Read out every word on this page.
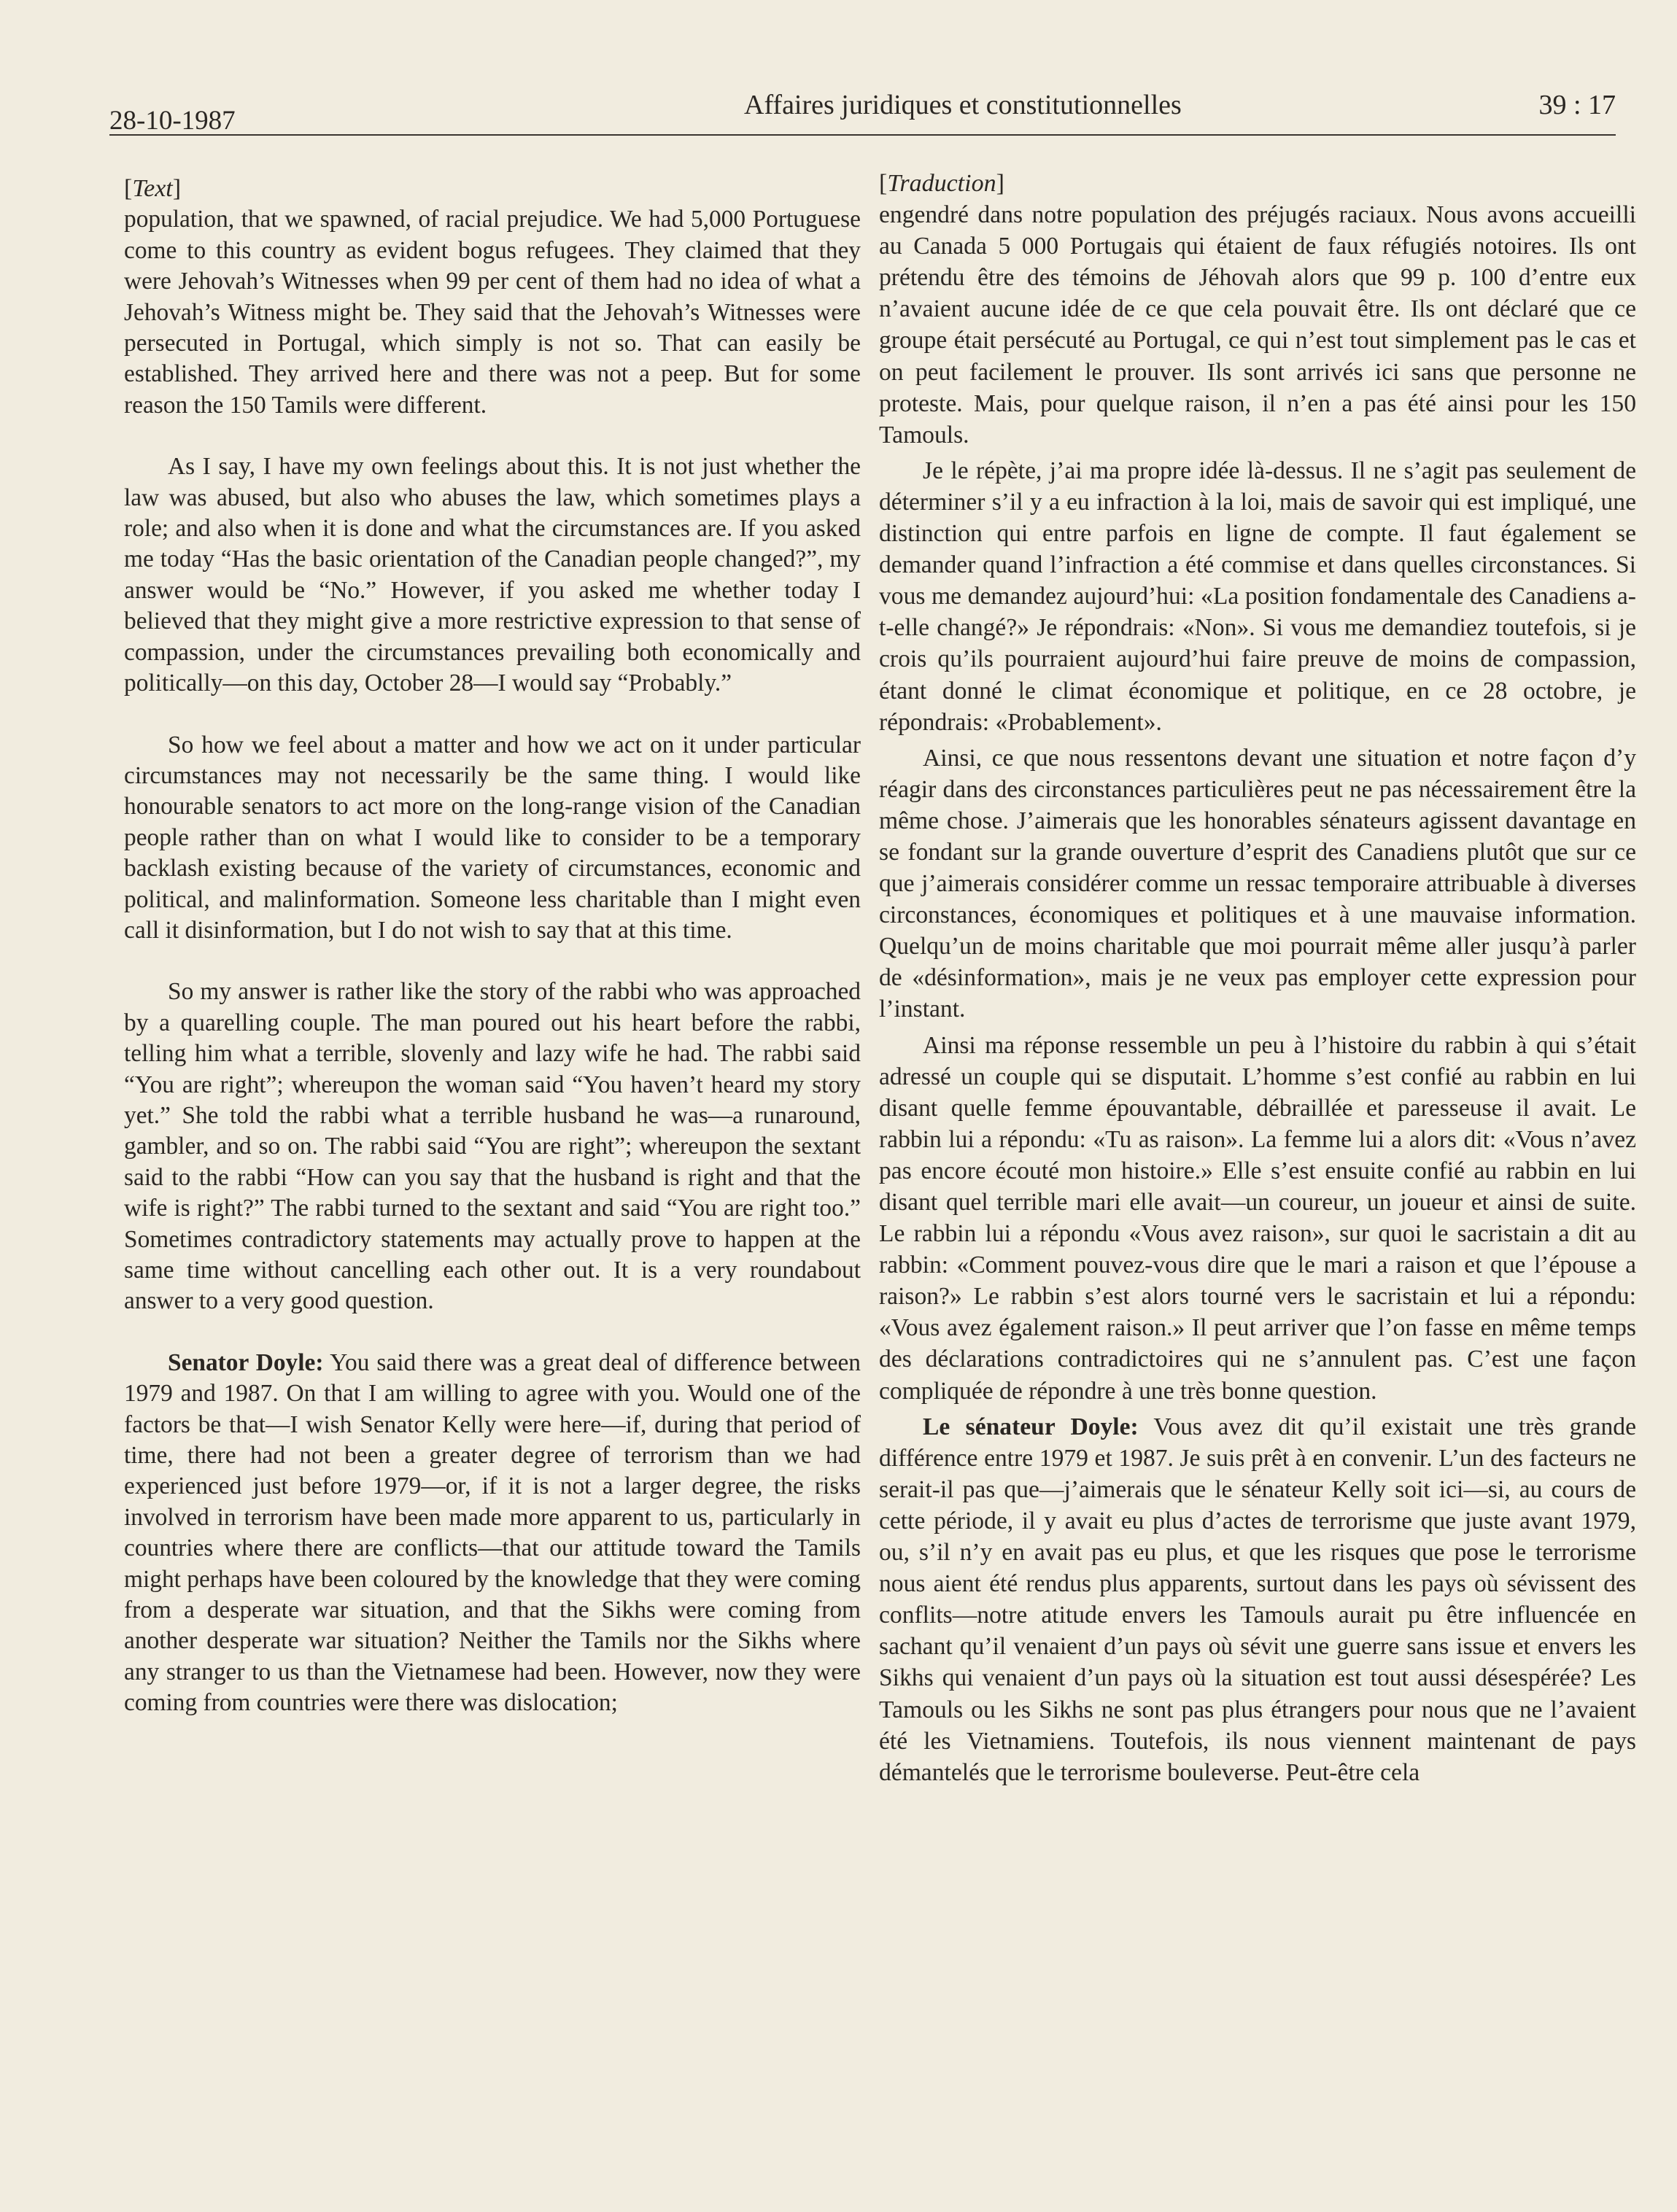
28-10-1987
Affaires juridiques et constitutionnelles	39 : 17
[Text]

population, that we spawned, of racial prejudice. We had 5,000 Portuguese come to this country as evident bogus refugees. They claimed that they were Jehovah’s Witnesses when 99 per cent of them had no idea of what a Jehovah’s Witness might be. They said that the Jehovah’s Witnesses were persecuted in Portugal, which simply is not so. That can easily be established. They arrived here and there was not a peep. But for some reason the 150 Tamils were different.

As I say, I have my own feelings about this. It is not just whether the law was abused, but also who abuses the law, which sometimes plays a role; and also when it is done and what the circumstances are. If you asked me today “Has the basic orientation of the Canadian people changed?”, my answer would be “No.” However, if you asked me whether today I believed that they might give a more restrictive expression to that sense of compassion, under the circumstances prevailing both economically and politically—on this day, October 28—I would say “Probably.”

So how we feel about a matter and how we act on it under particular circumstances may not necessarily be the same thing. I would like honourable senators to act more on the long-range vision of the Canadian people rather than on what I would like to consider to be a temporary backlash existing because of the variety of circumstances, economic and political, and malinformation. Someone less charitable than I might even call it disinformation, but I do not wish to say that at this time.

So my answer is rather like the story of the rabbi who was approached by a quarelling couple. The man poured out his heart before the rabbi, telling him what a terrible, slovenly and lazy wife he had. The rabbi said “You are right”; whereupon the woman said “You haven’t heard my story yet.” She told the rabbi what a terrible husband he was—a runaround, gambler, and so on. The rabbi said “You are right”; whereupon the sextant said to the rabbi “How can you say that the husband is right and that the wife is right?” The rabbi turned to the sextant and said “You are right too.” Sometimes contradictory statements may actually prove to happen at the same time without cancelling each other out. It is a very roundabout answer to a very good question.

Senator Doyle: You said there was a great deal of difference between 1979 and 1987. On that I am willing to agree with you. Would one of the factors be that—I wish Senator Kelly were here—if, during that period of time, there had not been a greater degree of terrorism than we had experienced just before 1979—or, if it is not a larger degree, the risks involved in terrorism have been made more apparent to us, particularly in countries where there are conflicts—that our attitude toward the Tamils might perhaps have been coloured by the knowledge that they were coming from a desperate war situation, and that the Sikhs were coming from another desperate war situation? Neither the Tamils nor the Sikhs where any stranger to us than the Vietnamese had been. However, now they were coming from countries were there was dislocation;

[Traduction]

engendré dans notre population des préjugés raciaux. Nous avons accueilli au Canada 5 000 Portugais qui étaient de faux réfugiés notoires. Ils ont prétendu être des témoins de Jéhovah alors que 99 p. 100 d’entre eux n’avaient aucune idée de ce que cela pouvait être. Ils ont déclaré que ce groupe était persécuté au Portugal, ce qui n’est tout simplement pas le cas et on peut facilement le prouver. Ils sont arrivés ici sans que personne ne proteste. Mais, pour quelque raison, il n’en a pas été ainsi pour les 150 Tamouls.

Je le répète, j’ai ma propre idée là-dessus. Il ne s’agit pas seulement de déterminer s’il y a eu infraction à la loi, mais de savoir qui est impliqué, une distinction qui entre parfois en ligne de compte. Il faut également se demander quand l’infraction a été commise et dans quelles circonstances. Si vous me demandez aujourd’hui: «La position fondamentale des Canadiens a-t-elle changé?» Je répondrais: «Non». Si vous me demandiez toutefois, si je crois qu’ils pourraient aujourd’hui faire preuve de moins de compassion, étant donné le climat économique et politique, en ce 28 octobre, je répondrais: «Probablement».

Ainsi, ce que nous ressentons devant une situation et notre façon d’y réagir dans des circonstances particulières peut ne pas nécessairement être la même chose. J’aimerais que les honorables sénateurs agissent davantage en se fondant sur la grande ouverture d’esprit des Canadiens plutôt que sur ce que j’aimerais considérer comme un ressac temporaire attribuable à diverses circonstances, économiques et politiques et à une mauvaise information. Quelqu’un de moins charitable que moi pourrait même aller jusqu’à parler de «désinformation», mais je ne veux pas employer cette expression pour l’instant.

Ainsi ma réponse ressemble un peu à l’histoire du rabbin à qui s’était adressé un couple qui se disputait. L’homme s’est confié au rabbin en lui disant quelle femme épouvantable, débraillée et paresseuse il avait. Le rabbin lui a répondu: «Tu as raison». La femme lui a alors dit: «Vous n’avez pas encore écouté mon histoire.» Elle s’est ensuite confié au rabbin en lui disant quel terrible mari elle avait—un coureur, un joueur et ainsi de suite. Le rabbin lui a répondu «Vous avez raison», sur quoi le sacristain a dit au rabbin: «Comment pouvez-vous dire que le mari a raison et que l’épouse a raison?» Le rabbin s’est alors tourné vers le sacristain et lui a répondu: «Vous avez également raison.» Il peut arriver que l’on fasse en même temps des déclarations contradictoires qui ne s’annulent pas. C’est une façon compliquée de répondre à une très bonne question.

Le sénateur Doyle: Vous avez dit qu’il existait une très grande différence entre 1979 et 1987. Je suis prêt à en convenir. L’un des facteurs ne serait-il pas que—j’aimerais que le sénateur Kelly soit ici—si, au cours de cette période, il y avait eu plus d’actes de terrorisme que juste avant 1979, ou, s’il n’y en avait pas eu plus, et que les risques que pose le terrorisme nous aient été rendus plus apparents, surtout dans les pays où sévissent des conflits—notre atitude envers les Tamouls aurait pu être influencée en sachant qu’il venaient d’un pays où sévit une guerre sans issue et envers les Sikhs qui venaient d’un pays où la situation est tout aussi désespérée? Les Tamouls ou les Sikhs ne sont pas plus étrangers pour nous que ne l’avaient été les Vietnamiens. Toutefois, ils nous viennent maintenant de pays démantelés que le terrorisme bouleverse. Peut-être cela
